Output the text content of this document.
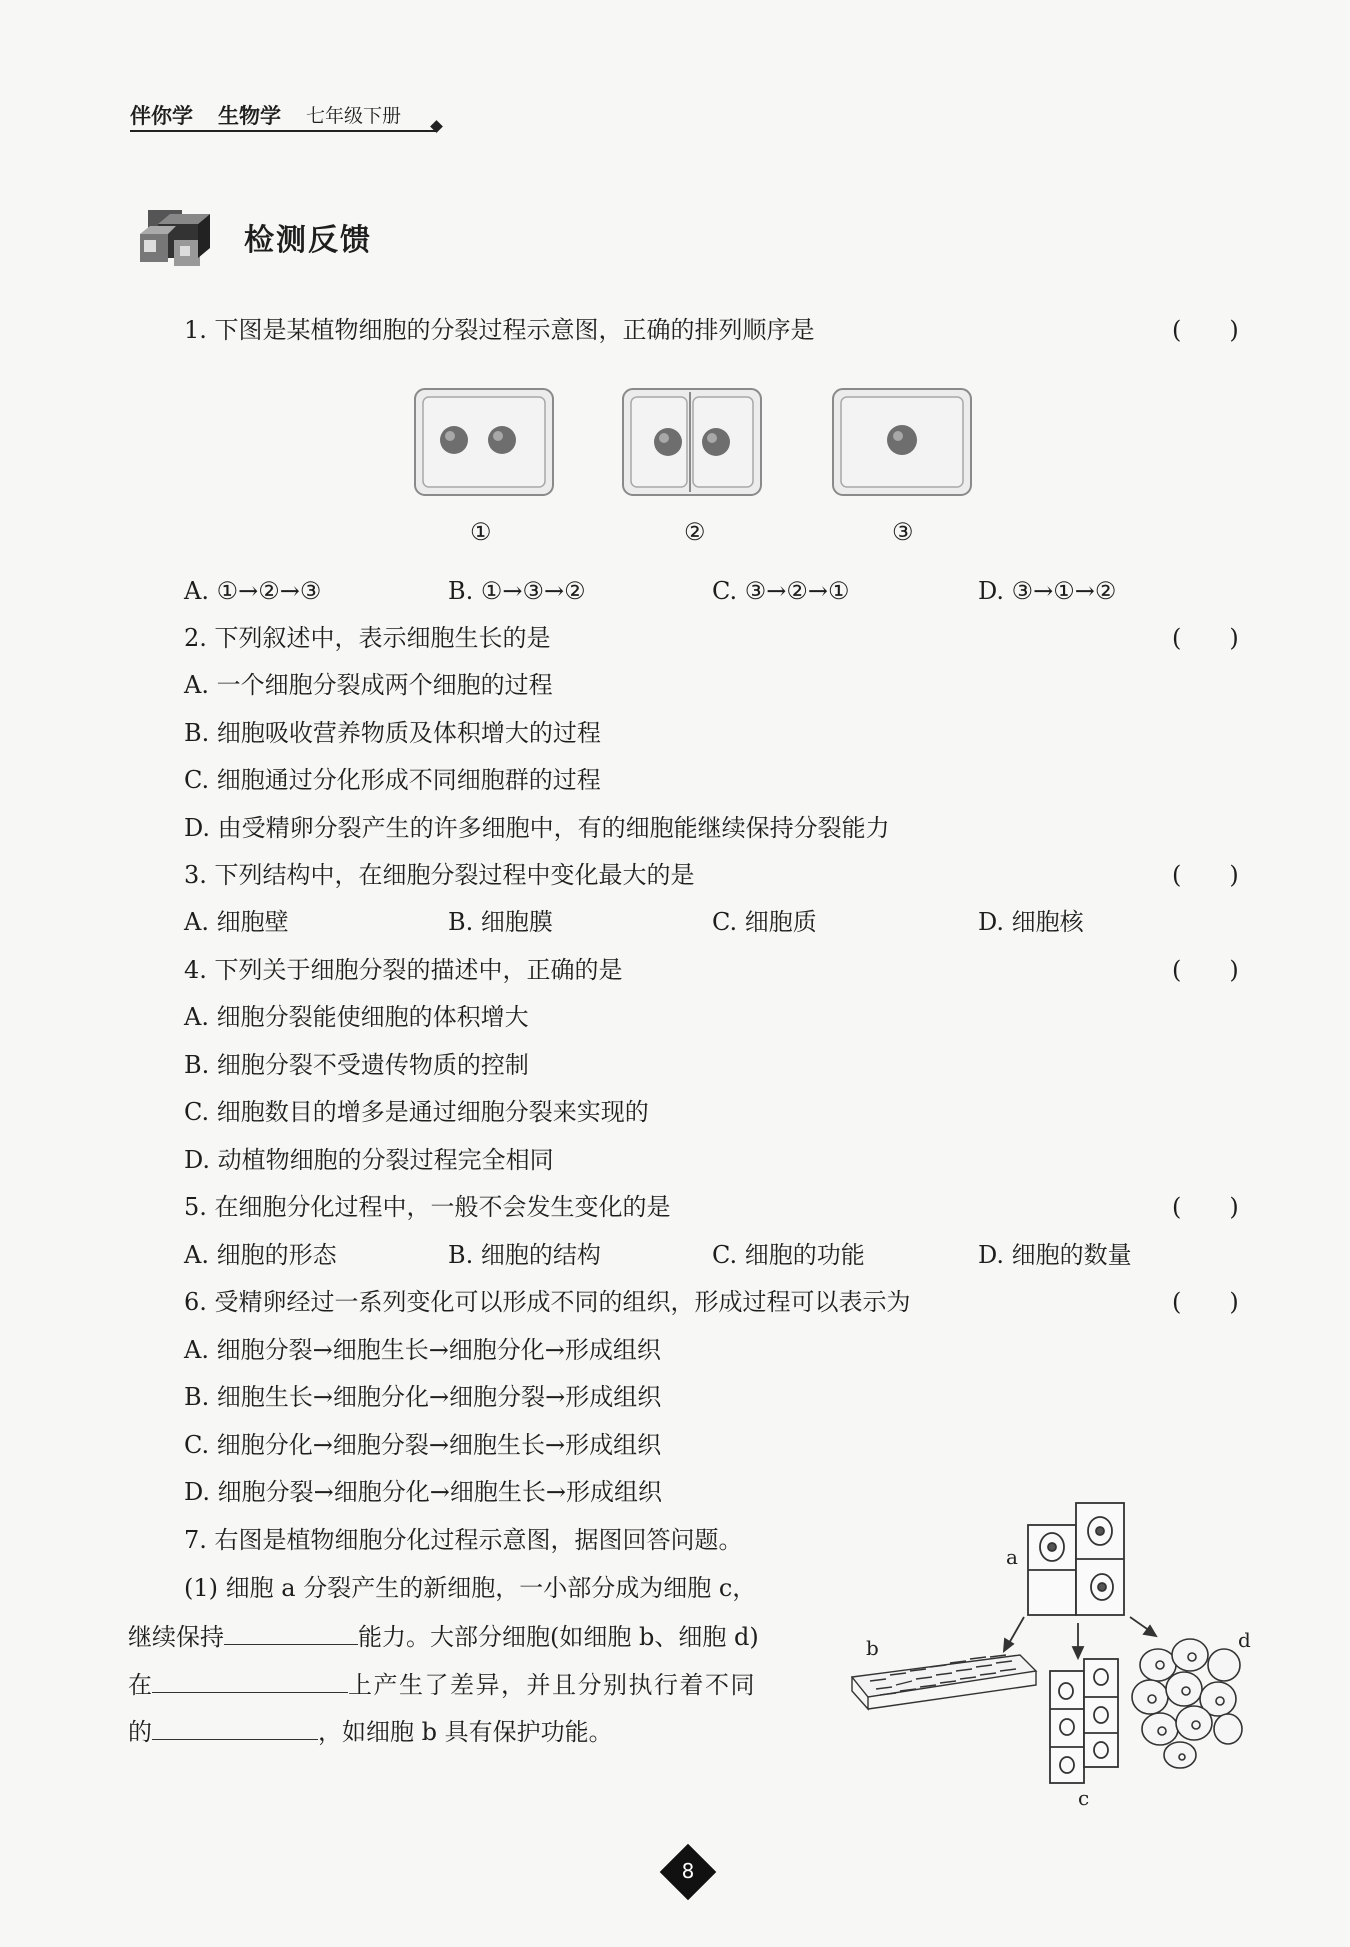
伴你学 生物学 七年级下册
检测反馈
1. 下图是某植物细胞的分裂过程示意图，正确的排列顺序是	(　　)
①	②	③
A. ①→②→③	B. ①→③→②	C. ③→②→①	D. ③→①→②
2. 下列叙述中，表示细胞生长的是	(　　)
A. 一个细胞分裂成两个细胞的过程
B. 细胞吸收营养物质及体积增大的过程
C. 细胞通过分化形成不同细胞群的过程
D. 由受精卵分裂产生的许多细胞中，有的细胞能继续保持分裂能力
3. 下列结构中，在细胞分裂过程中变化最大的是	(　　)
A. 细胞壁	B. 细胞膜	C. 细胞质	D. 细胞核
4. 下列关于细胞分裂的描述中，正确的是	(　　)
A. 细胞分裂能使细胞的体积增大
B. 细胞分裂不受遗传物质的控制
C. 细胞数目的增多是通过细胞分裂来实现的
D. 动植物细胞的分裂过程完全相同
5. 在细胞分化过程中，一般不会发生变化的是	(　　)
A. 细胞的形态	B. 细胞的结构	C. 细胞的功能	D. 细胞的数量
6. 受精卵经过一系列变化可以形成不同的组织，形成过程可以表示为	(　　)
A. 细胞分裂→细胞生长→细胞分化→形成组织
B. 细胞生长→细胞分化→细胞分裂→形成组织
C. 细胞分化→细胞分裂→细胞生长→形成组织
D. 细胞分裂→细胞分化→细胞生长→形成组织
7. 右图是植物细胞分化过程示意图，据图回答问题。
(1) 细胞 a 分裂产生的新细胞，一小部分成为细胞 c，
继续保持	能力。大部分细胞(如细胞 b、细胞 d)
在	上产生了差异，并且分别执行着不同
的	，如细胞 b 具有保护功能。
a
b
c
d
8
